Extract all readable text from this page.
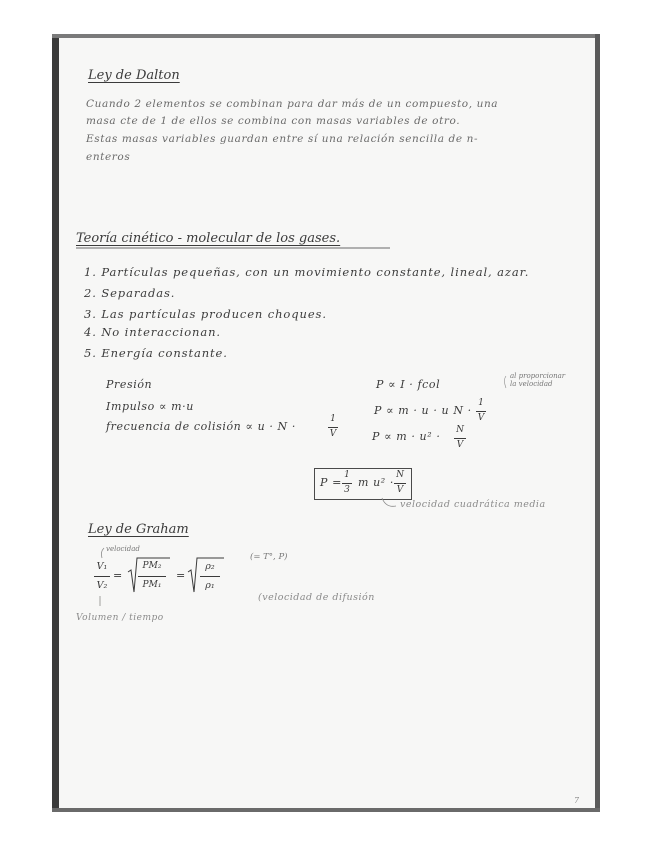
Ley de Dalton
Cuando 2 elementos se combinan para dar más de un compuesto, una
masa cte de 1 de ellos se combina con masas variables de otro.
Estas masas variables guardan entre sí una relación sencilla de n-
enteros
Teoría cinético - molecular de los gases.
1. Partículas pequeñas, con un movimiento constante, lineal, azar.
2. Separadas.
3. Las partículas producen choques.
4. No interaccionan.
5. Energía constante.
Presión
Impulso ∝ m·u
frecuencia de colisión ∝ u · N ·
1
V
P ∝ I · fcol
P ∝ m · u · u N ·
1
V
P ∝ m · u² · N
V
al proporcionar
la velocidad
P =
1
3
m u² ·
N
V
velocidad cuadrática media
Ley de Graham
velocidad
V₁
V₂
=
PM₂
PM₁
=
ρ₂
ρ₁
(= T°, P)
Volumen / tiempo
(velocidad de difusión
7
